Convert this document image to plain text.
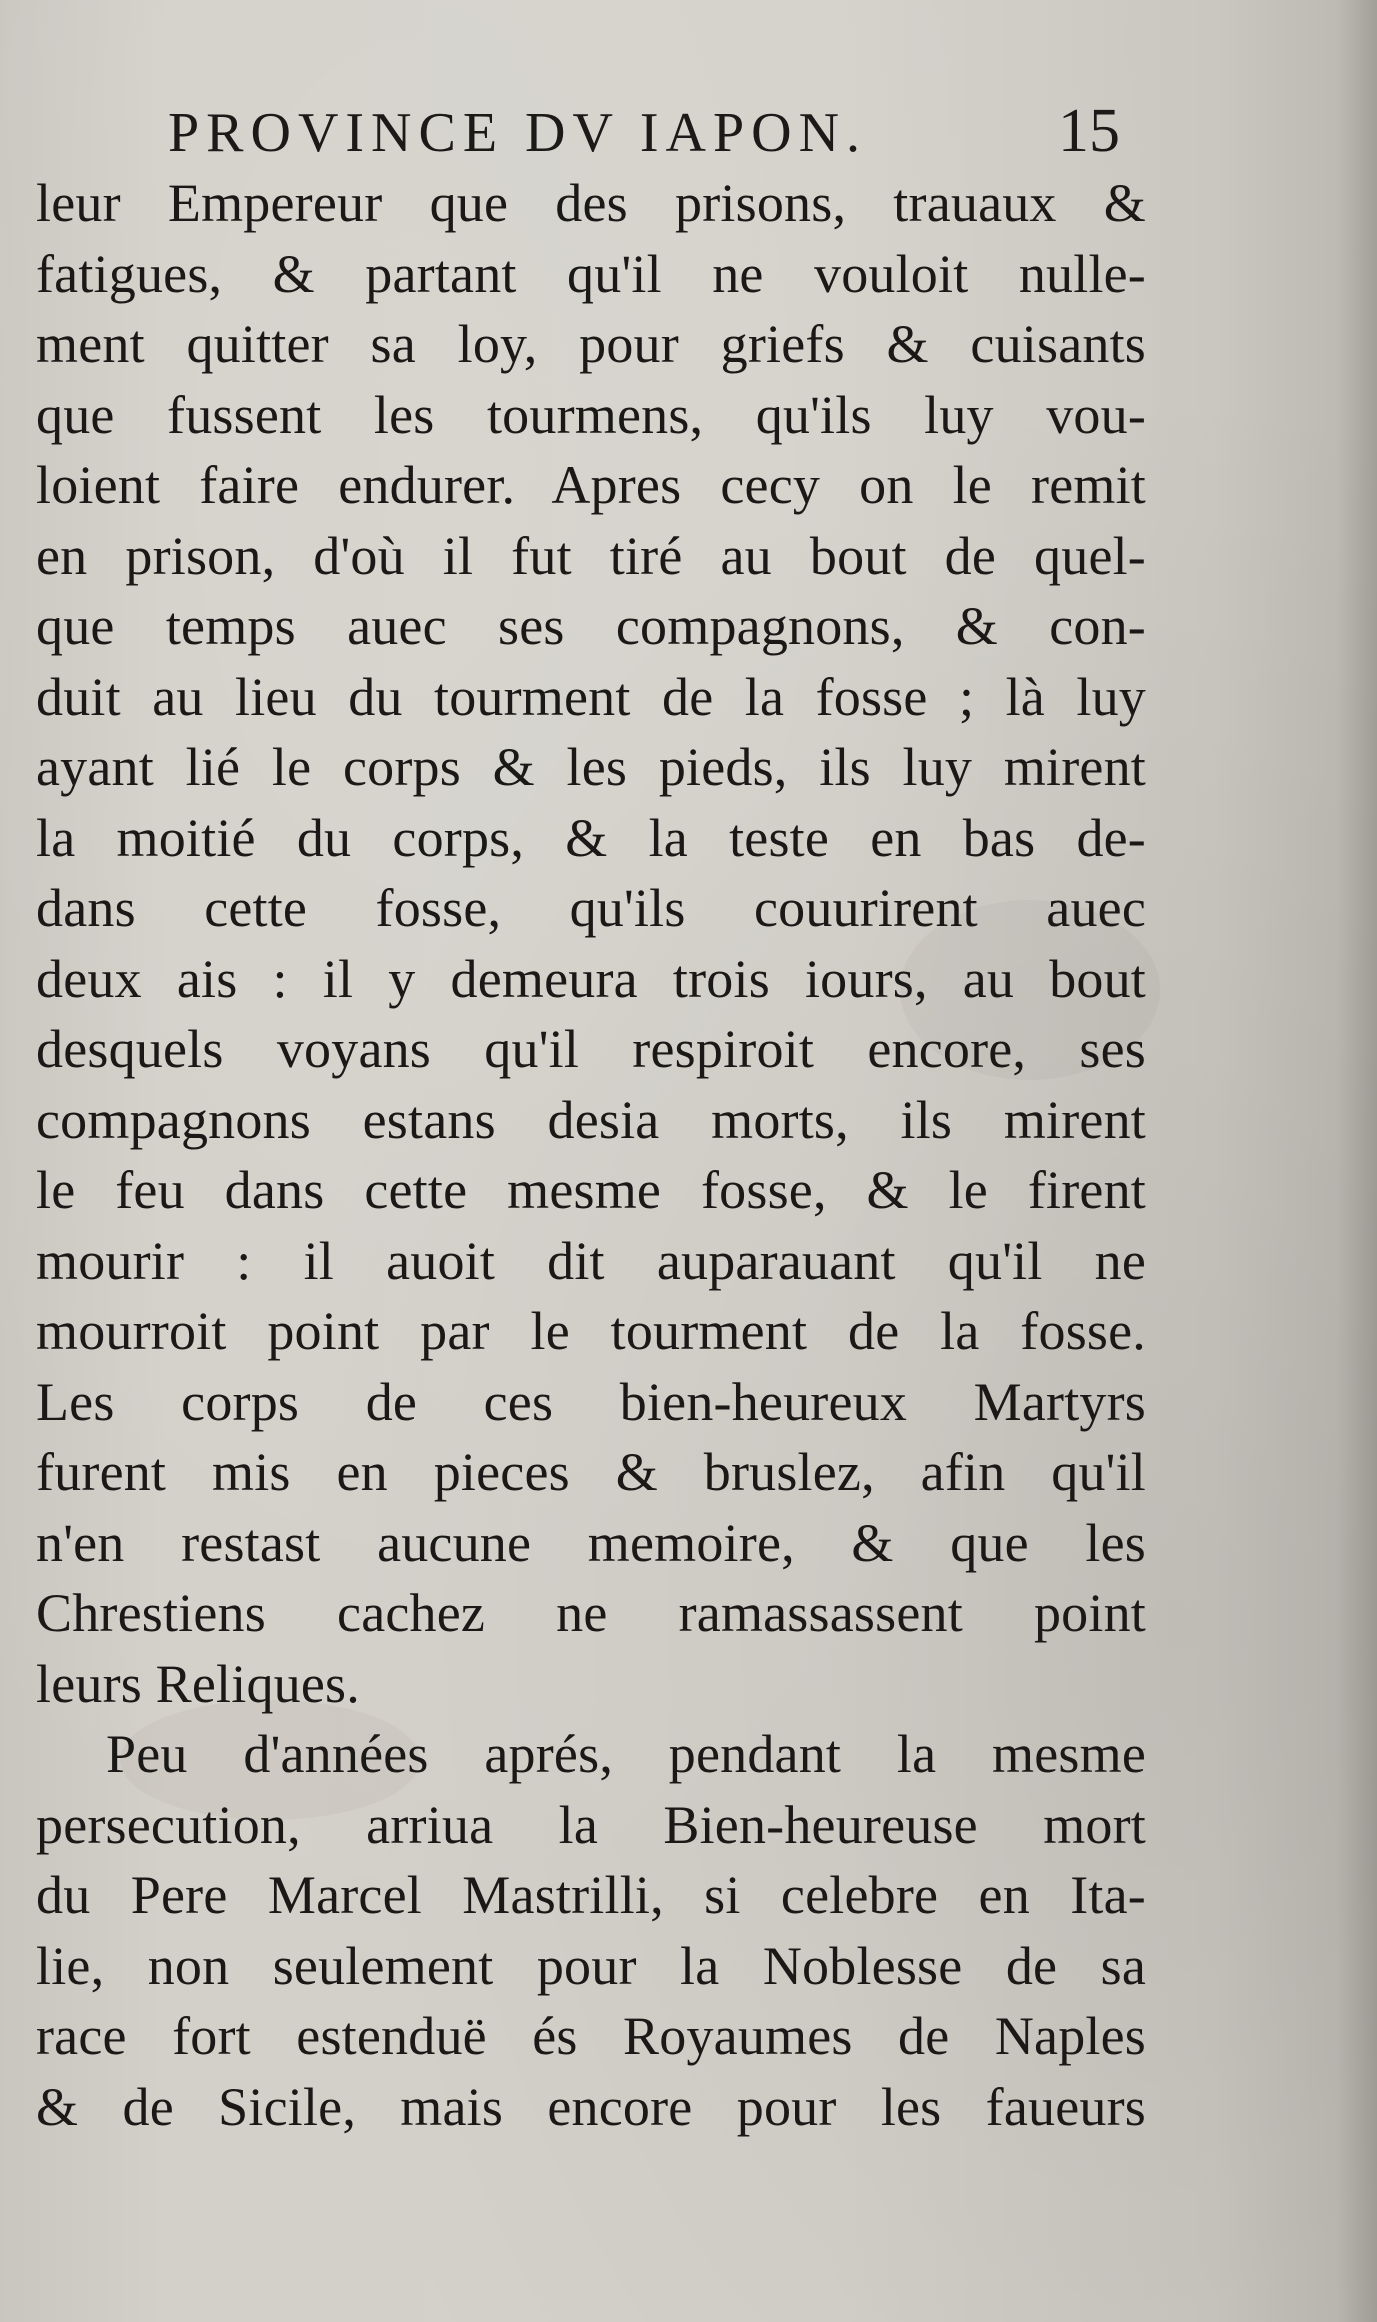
PROVINCE DV IAPON.	15
leur Empereur que des prisons, trauaux &
fatigues, & partant qu'il ne vouloit nulle-
ment quitter sa loy, pour griefs & cuisants
que fussent les tourmens, qu'ils luy vou-
loient faire endurer. Apres cecy on le remit
en prison, d'où il fut tiré au bout de quel-
que temps auec ses compagnons, & con-
duit au lieu du tourment de la fosse ; là luy
ayant lié le corps & les pieds, ils luy mirent
la moitié du corps, & la teste en bas de-
dans cette fosse, qu'ils couurirent auec
deux ais : il y demeura trois iours, au bout
desquels voyans qu'il respiroit encore, ses
compagnons estans desia morts, ils mirent
le feu dans cette mesme fosse, & le firent
mourir : il auoit dit auparauant qu'il ne
mourroit point par le tourment de la fosse.
Les corps de ces bien-heureux Martyrs
furent mis en pieces & bruslez, afin qu'il
n'en restast aucune memoire, & que les
Chrestiens cachez ne ramassassent point
leurs Reliques.
Peu d'années aprés, pendant la mesme
persecution, arriua la Bien-heureuse mort
du Pere Marcel Mastrilli, si celebre en Ita-
lie, non seulement pour la Noblesse de sa
race fort estenduë és Royaumes de Naples
& de Sicile, mais encore pour les faueurs
